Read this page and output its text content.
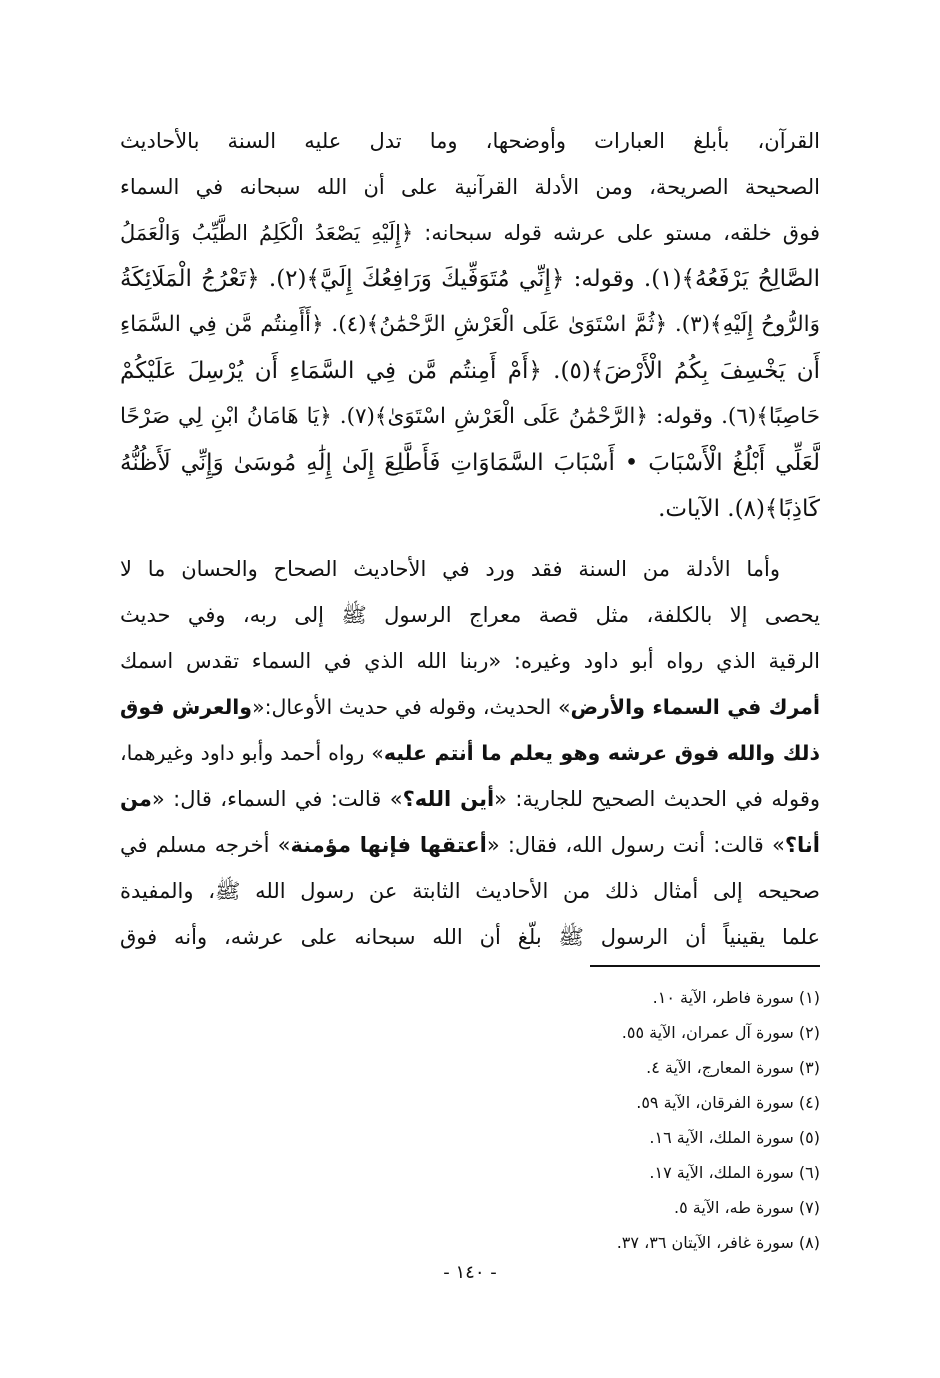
القرآن، بأبلغ العبارات وأوضحها، وما تدل عليه السنة بالأحاديث
الصحيحة الصريحة، ومن الأدلة القرآنية على أن الله سبحانه في السماء
فوق خلقه، مستو على عرشه قوله سبحانه: ﴿إِلَيْهِ يَصْعَدُ الْكَلِمُ الطَّيِّبُ وَالْعَمَلُ
الصَّالِحُ يَرْفَعُهُ﴾(١). وقوله: ﴿إِنِّي مُتَوَفِّيكَ وَرَافِعُكَ إِلَيَّ﴾(٢). ﴿تَعْرُجُ الْمَلَائِكَةُ
وَالرُّوحُ إِلَيْهِ﴾(٣). ﴿ثُمَّ اسْتَوَىٰ عَلَى الْعَرْشِ الرَّحْمَٰنُ﴾(٤). ﴿أَأَمِنتُم مَّن فِي السَّمَاءِ
أَن يَخْسِفَ بِكُمُ الْأَرْضَ﴾(٥). ﴿أَمْ أَمِنتُم مَّن فِي السَّمَاءِ أَن يُرْسِلَ عَلَيْكُمْ
حَاصِبًا﴾(٦). وقوله: ﴿الرَّحْمَٰنُ عَلَى الْعَرْشِ اسْتَوَىٰ﴾(٧). ﴿يَا هَامَانُ ابْنِ لِي صَرْحًا
لَّعَلِّي أَبْلُغُ الْأَسْبَابَ • أَسْبَابَ السَّمَاوَاتِ فَأَطَّلِعَ إِلَىٰ إِلَٰهِ مُوسَىٰ وَإِنِّي لَأَظُنُّهُ
كَاذِبًا﴾(٨). الآيات.
وأما الأدلة من السنة فقد ورد في الأحاديث الصحاح والحسان ما لا
يحصى إلا بالكلفة، مثل قصة معراج الرسول ﷺ إلى ربه، وفي حديث
الرقية الذي رواه أبو داود وغيره: «ربنا الله الذي في السماء تقدس اسمك
أمرك في السماء والأرض» الحديث، وقوله في حديث الأوعال:«والعرش فوق
ذلك والله فوق عرشه وهو يعلم ما أنتم عليه» رواه أحمد وأبو داود وغيرهما،
وقوله في الحديث الصحيح للجارية: «أين الله؟» قالت: في السماء، قال: «من
أنا؟» قالت: أنت رسول الله، فقال: «أعتقها فإنها مؤمنة» أخرجه مسلم في
صحيحه إلى أمثال ذلك من الأحاديث الثابتة عن رسول الله ﷺ، والمفيدة
علما يقينياً أن الرسول ﷺ بلّغ أن الله سبحانه على عرشه، وأنه فوق
(١) سورة فاطر، الآية ١٠.
(٢) سورة آل عمران، الآية ٥٥.
(٣) سورة المعارج، الآية ٤.
(٤) سورة الفرقان، الآية ٥٩.
(٥) سورة الملك، الآية ١٦.
(٦) سورة الملك، الآية ١٧.
(٧) سورة طه، الآية ٥.
(٨) سورة غافر، الآيتان ٣٦، ٣٧.
- ١٤٠ -
